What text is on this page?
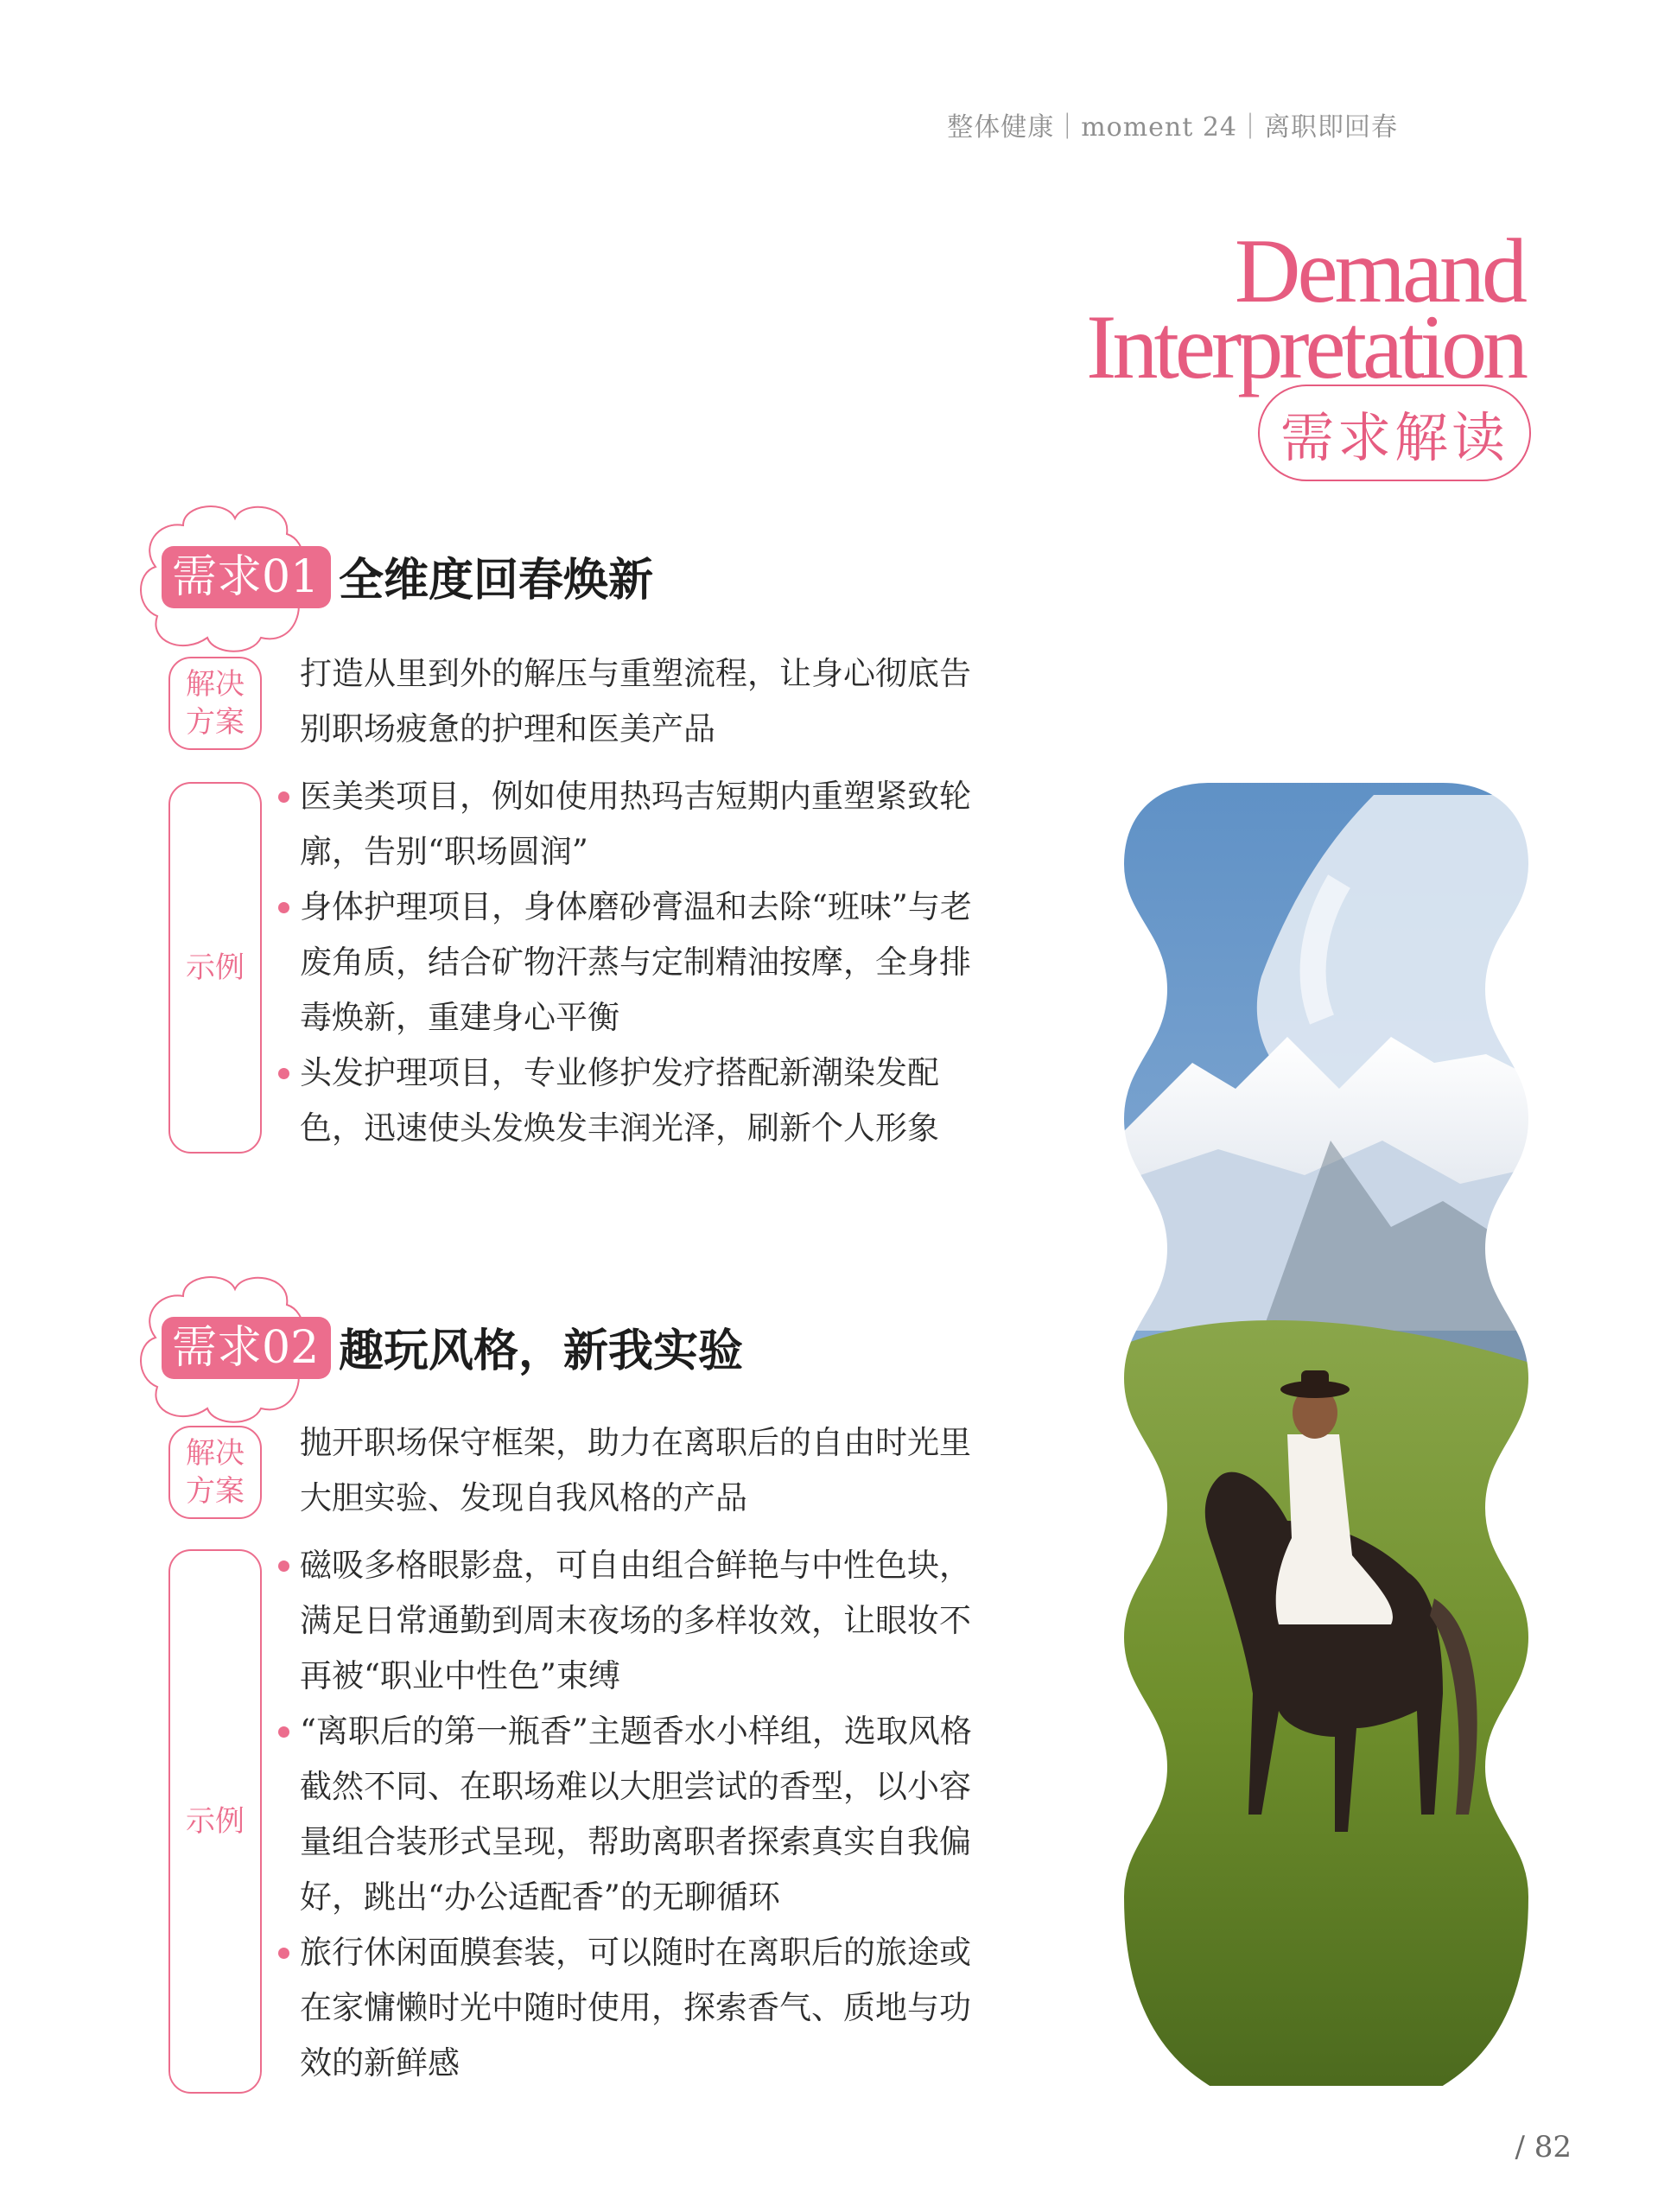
整体健康｜moment 24｜离职即回春
Demand
Interpretation
需求解读
需求01 全维度回春焕新
解决
方案
打造从里到外的解压与重塑流程，让身心彻底告别职场疲惫的护理和医美产品
示例
医美类项目，例如使用热玛吉短期内重塑紧致轮廓，告别“职场圆润”
身体护理项目，身体磨砂膏温和去除“班味”与老废角质，结合矿物汗蒸与定制精油按摩，全身排毒焕新，重建身心平衡
头发护理项目，专业修护发疗搭配新潮染发配色，迅速使头发焕发丰润光泽，刷新个人形象
需求02 趣玩风格，新我实验
解决
方案
抛开职场保守框架，助力在离职后的自由时光里大胆实验、发现自我风格的产品
示例
磁吸多格眼影盘，可自由组合鲜艳与中性色块，满足日常通勤到周末夜场的多样妆效，让眼妆不再被“职业中性色”束缚
“离职后的第一瓶香”主题香水小样组，选取风格截然不同、在职场难以大胆尝试的香型，以小容量组合装形式呈现，帮助离职者探索真实自我偏好，跳出“办公适配香”的无聊循环
旅行休闲面膜套装，可以随时在离职后的旅途或在家慵懒时光中随时使用，探索香气、质地与功效的新鲜感
/ 82
